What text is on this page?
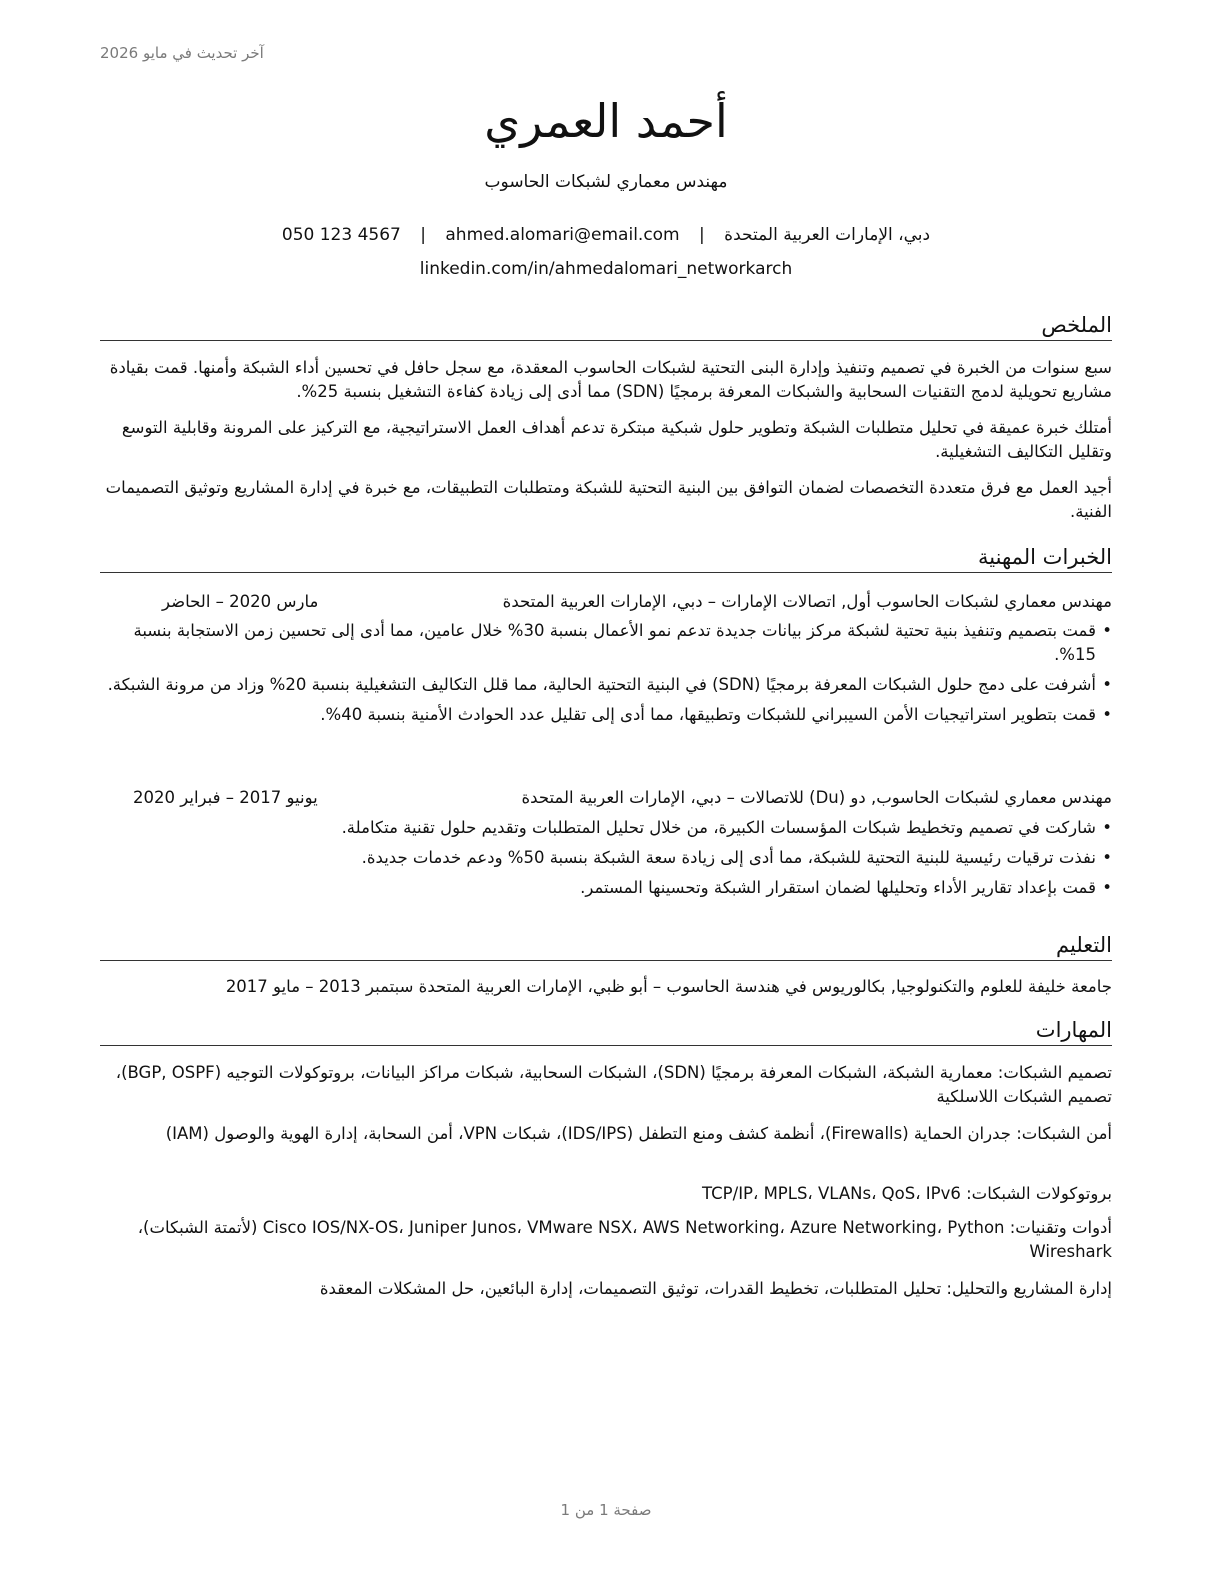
آخر تحديث في مايو 2026
أحمد العمري
مهندس معماري لشبكات الحاسوب
دبي، الإمارات العربية المتحدة | ahmed.alomari@email.com | 050 123 4567
linkedin.com/in/ahmedalomari_networkarch
الملخص

سبع سنوات من الخبرة في تصميم وتنفيذ وإدارة البنى التحتية لشبكات الحاسوب المعقدة، مع سجل حافل في تحسين أداء الشبكة وأمنها. قمت بقيادة مشاريع تحويلية لدمج التقنيات السحابية والشبكات المعرفة برمجيًا (SDN) مما أدى إلى زيادة كفاءة التشغيل بنسبة 25%.

أمتلك خبرة عميقة في تحليل متطلبات الشبكة وتطوير حلول شبكية مبتكرة تدعم أهداف العمل الاستراتيجية، مع التركيز على المرونة وقابلية التوسع وتقليل التكاليف التشغيلية.

أجيد العمل مع فرق متعددة التخصصات لضمان التوافق بين البنية التحتية للشبكة ومتطلبات التطبيقات، مع خبرة في إدارة المشاريع وتوثيق التصميمات الفنية.

الخبرات المهنية
مهندس معماري لشبكات الحاسوب أول, اتصالات الإمارات – دبي، الإمارات العربية المتحدة
مارس 2020 – الحاضر
• قمت بتصميم وتنفيذ بنية تحتية لشبكة مركز بيانات جديدة تدعم نمو الأعمال بنسبة 30% خلال عامين، مما أدى إلى تحسين زمن الاستجابة بنسبة 15%.
• أشرفت على دمج حلول الشبكات المعرفة برمجيًا (SDN) في البنية التحتية الحالية، مما قلل التكاليف التشغيلية بنسبة 20% وزاد من مرونة الشبكة.
• قمت بتطوير استراتيجيات الأمن السيبراني للشبكات وتطبيقها، مما أدى إلى تقليل عدد الحوادث الأمنية بنسبة 40%.
مهندس معماري لشبكات الحاسوب, دو (Du) للاتصالات – دبي، الإمارات العربية المتحدة
يونيو 2017 – فبراير 2020
• شاركت في تصميم وتخطيط شبكات المؤسسات الكبيرة، من خلال تحليل المتطلبات وتقديم حلول تقنية متكاملة.
• نفذت ترقيات رئيسية للبنية التحتية للشبكة، مما أدى إلى زيادة سعة الشبكة بنسبة 50% ودعم خدمات جديدة.
• قمت بإعداد تقارير الأداء وتحليلها لضمان استقرار الشبكة وتحسينها المستمر.
التعليم

جامعة خليفة للعلوم والتكنولوجيا, بكالوريوس في هندسة الحاسوب – أبو ظبي، الإمارات العربية المتحدة سبتمبر 2013 – مايو 2017

المهارات

تصميم الشبكات: معمارية الشبكة، الشبكات المعرفة برمجيًا (SDN)، الشبكات السحابية، شبكات مراكز البيانات، بروتوكولات التوجيه (BGP, OSPF)، تصميم الشبكات اللاسلكية

أمن الشبكات: جدران الحماية (Firewalls)، أنظمة كشف ومنع التطفل (IDS/IPS)، شبكات VPN، أمن السحابة، إدارة الهوية والوصول (IAM)

بروتوكولات الشبكات: TCP/IP، MPLS، VLANs، QoS، IPv6

أدوات وتقنيات: Cisco IOS/NX-OS، Juniper Junos، VMware NSX، AWS Networking، Azure Networking، Python (لأتمتة الشبكات)، Wireshark

إدارة المشاريع والتحليل: تحليل المتطلبات، تخطيط القدرات، توثيق التصميمات، إدارة البائعين، حل المشكلات المعقدة

صفحة 1 من 1
